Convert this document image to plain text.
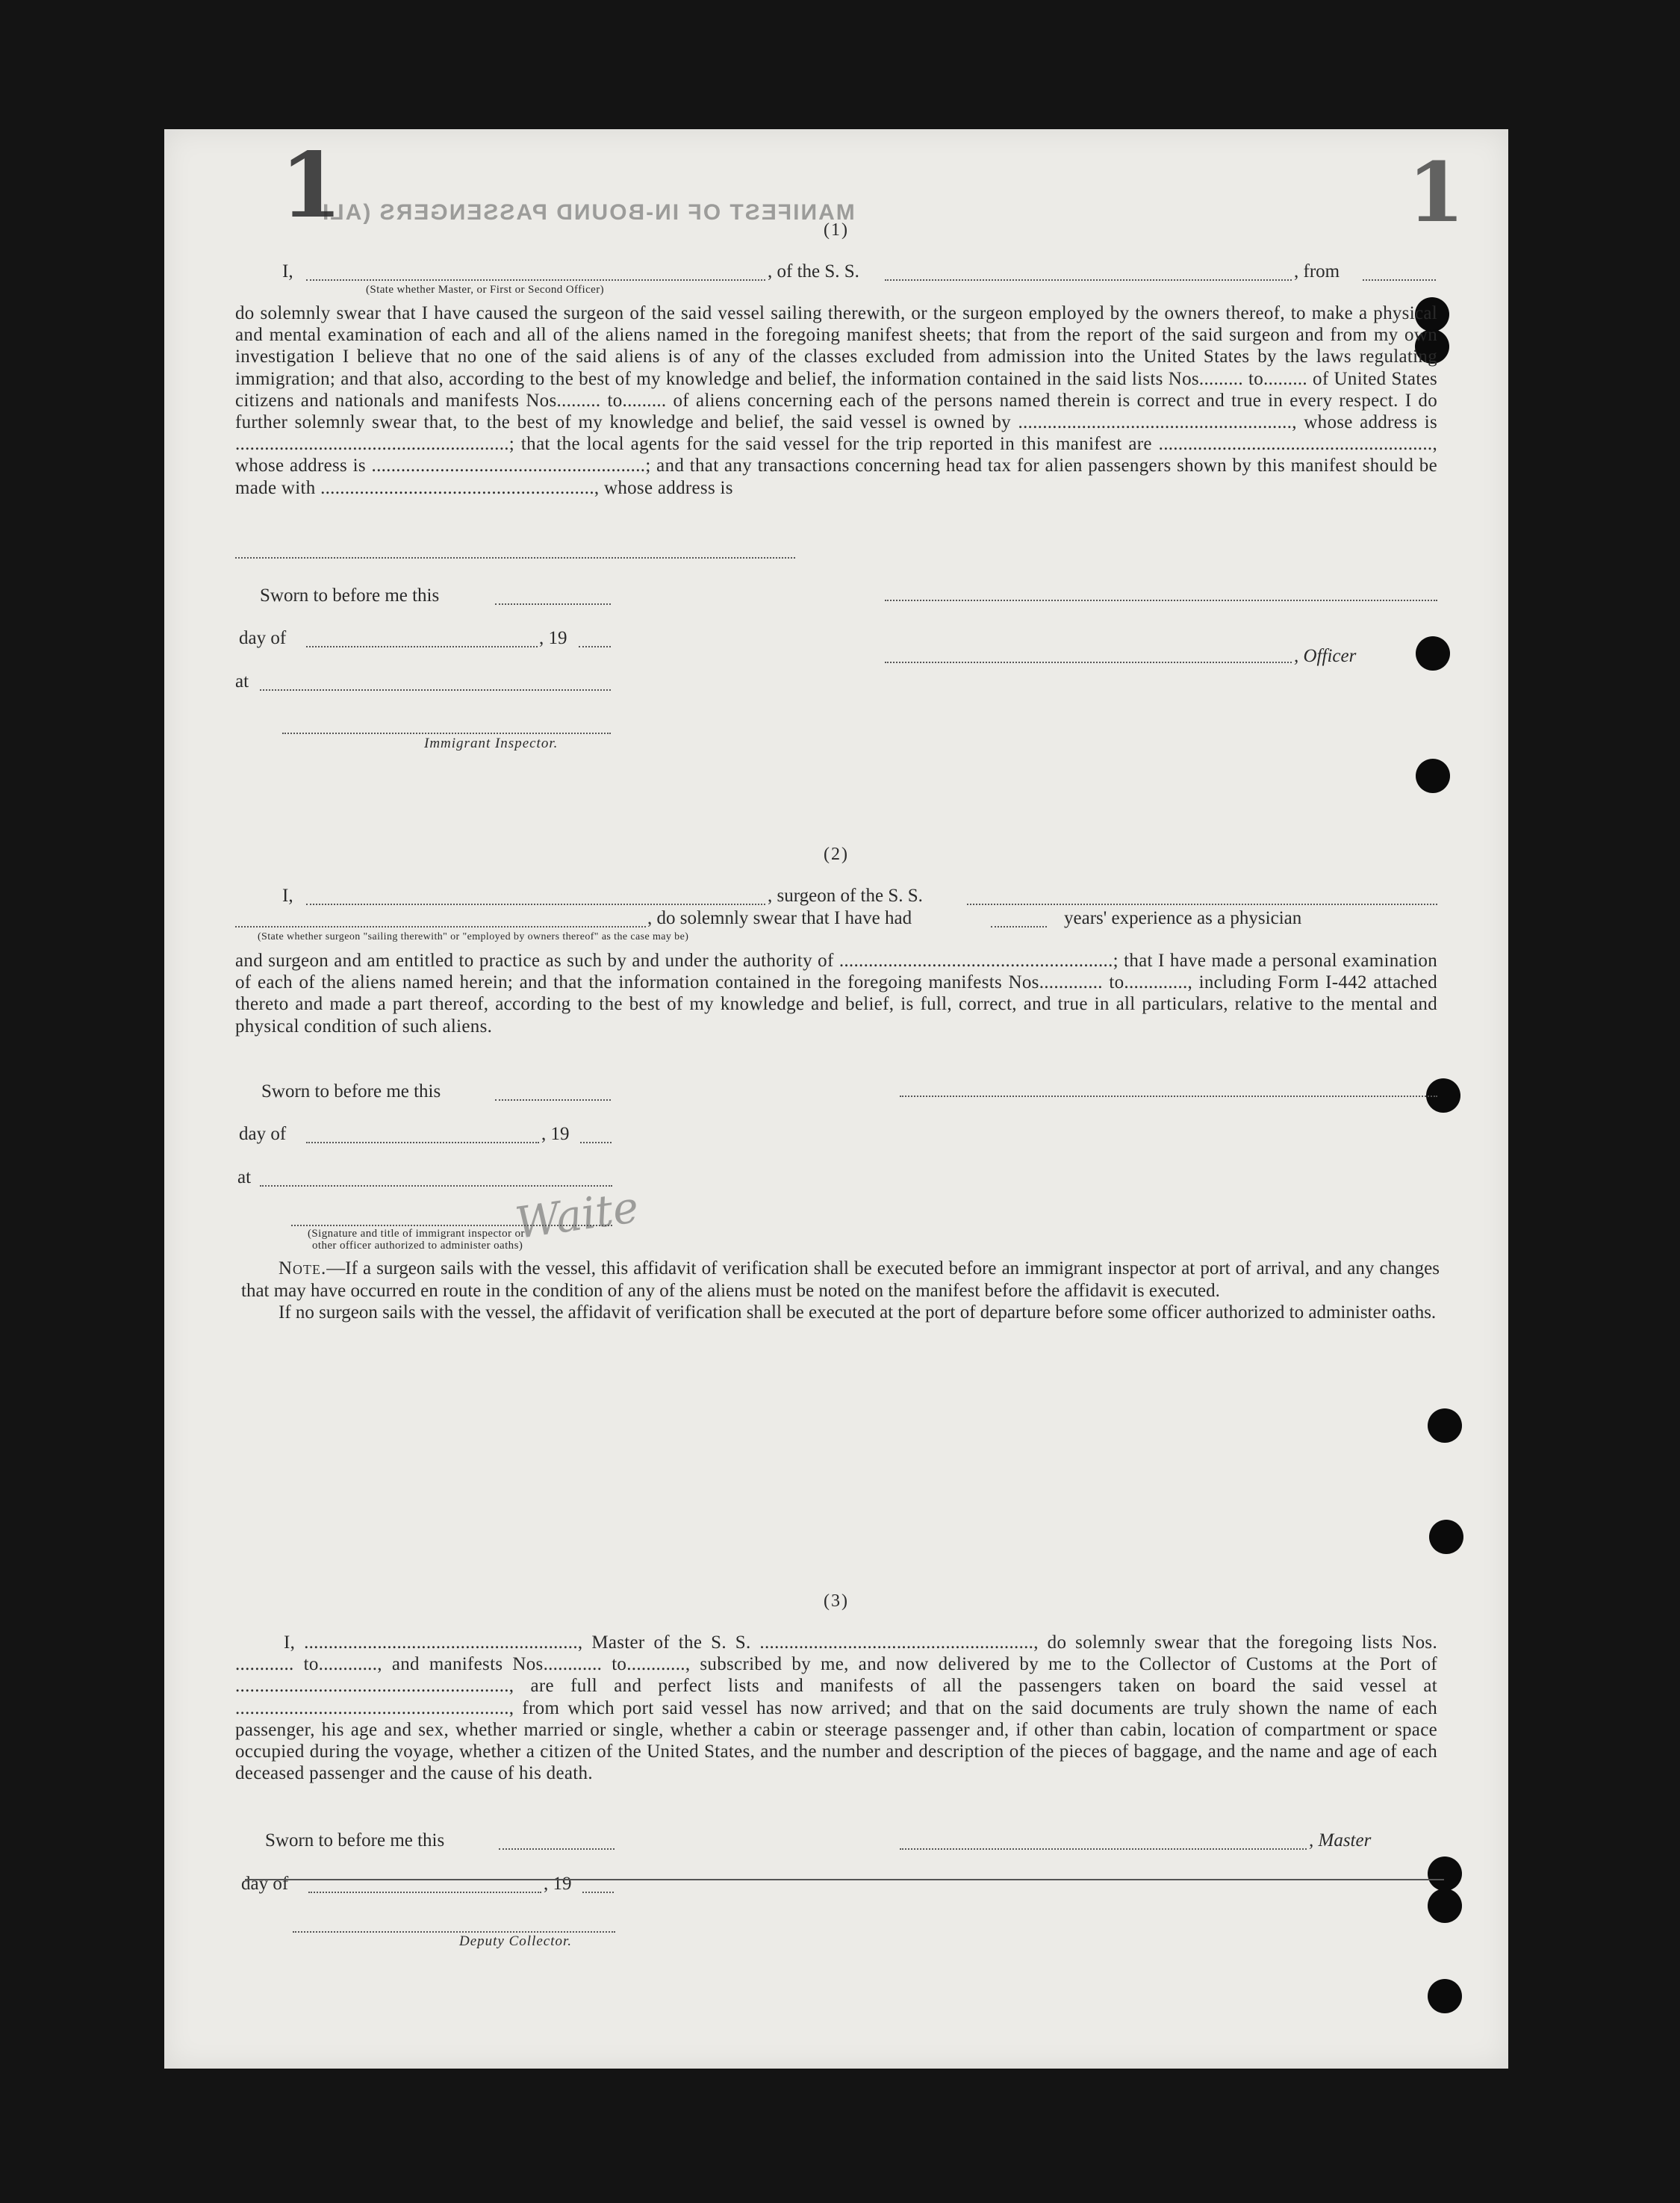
MANIFEST OF IN-BOUND PASSENGERS (ALI
1	1
(1)
I,	, of the S. S.	, from
(State whether Master, or First or Second Officer)
do solemnly swear that I have caused the surgeon of the said vessel sailing therewith, or the surgeon employed by the owners thereof, to make a physical and mental examination of each and all of the aliens named in the foregoing manifest sheets; that from the report of the said surgeon and from my own investigation I believe that no one of the said aliens is of any of the classes excluded from admission into the United States by the laws regulating immigration; and that also, according to the best of my knowledge and belief, the information contained in the said lists Nos......... to......... of United States citizens and nationals and manifests Nos......... to......... of aliens concerning each of the persons named therein is correct and true in every respect. I do further solemnly swear that, to the best of my knowledge and belief, the said vessel is owned by ........................................................, whose address is ........................................................; that the local agents for the said vessel for the trip reported in this manifest are ........................................................, whose address is ........................................................; and that any transactions concerning head tax for alien passengers shown by this manifest should be made with ........................................................, whose address is
Sworn to before me this
day of	, 19
, Officer
at
Immigrant Inspector.
(2)
I,	, surgeon of the S. S.
, do solemnly swear that I have had	years' experience as a physician
(State whether surgeon "sailing therewith" or "employed by owners thereof" as the case may be)
and surgeon and am entitled to practice as such by and under the authority of ........................................................; that I have made a personal examination of each of the aliens named herein; and that the information contained in the foregoing manifests Nos............. to............., including Form I-442 attached thereto and made a part thereof, according to the best of my knowledge and belief, is full, correct, and true in all particulars, relative to the mental and physical condition of such aliens.
Sworn to before me this
day of	, 19
at
Waite
(Signature and title of immigrant inspector or
other officer authorized to administer oaths)
Note.—If a surgeon sails with the vessel, this affidavit of verification shall be executed before an immigrant inspector at port of arrival, and any changes that may have occurred en route in the condition of any of the aliens must be noted on the manifest before the affidavit is executed.
If no surgeon sails with the vessel, the affidavit of verification shall be executed at the port of departure before some officer authorized to administer oaths.
(3)
I, ........................................................, Master of the S. S. ........................................................, do solemnly swear that the foregoing lists Nos. ............ to............, and manifests Nos............ to............, subscribed by me, and now delivered by me to the Collector of Customs at the Port of ........................................................, are full and perfect lists and manifests of all the passengers taken on board the said vessel at ........................................................, from which port said vessel has now arrived; and that on the said documents are truly shown the name of each passenger, his age and sex, whether married or single, whether a cabin or steerage passenger and, if other than cabin, location of compartment or space occupied during the voyage, whether a citizen of the United States, and the number and description of the pieces of baggage, and the name and age of each deceased passenger and the cause of his death.
Sworn to before me this	, Master
day of	, 19
Deputy Collector.
